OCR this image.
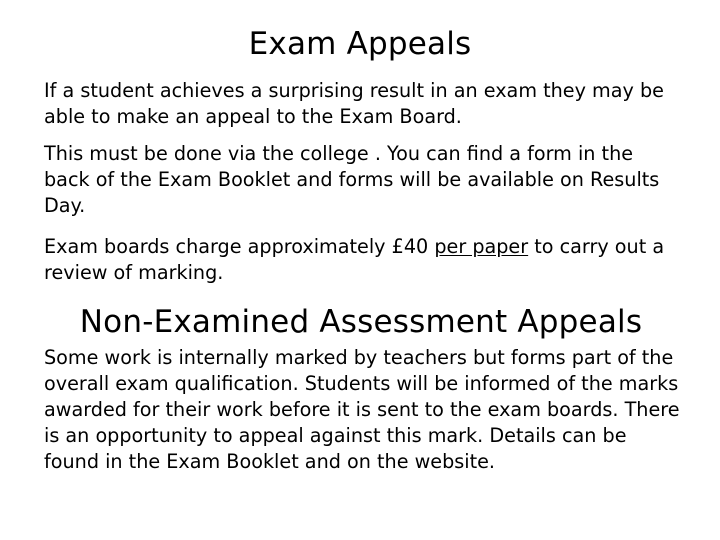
Exam Appeals

If a student achieves a surprising result in an exam they may be able to make an appeal to the Exam Board.

This must be done via the college . You can find a form in the back of the Exam Booklet and forms will be available on Results Day.

Exam boards charge approximately £40 per paper to carry out a review of marking.

Non-Examined Assessment Appeals

Some work is internally marked by teachers but forms part of the overall exam qualification. Students will be informed of the marks awarded for their work before it is sent to the exam boards. There is an opportunity to appeal against this mark. Details can be found in the Exam Booklet and on the website.
